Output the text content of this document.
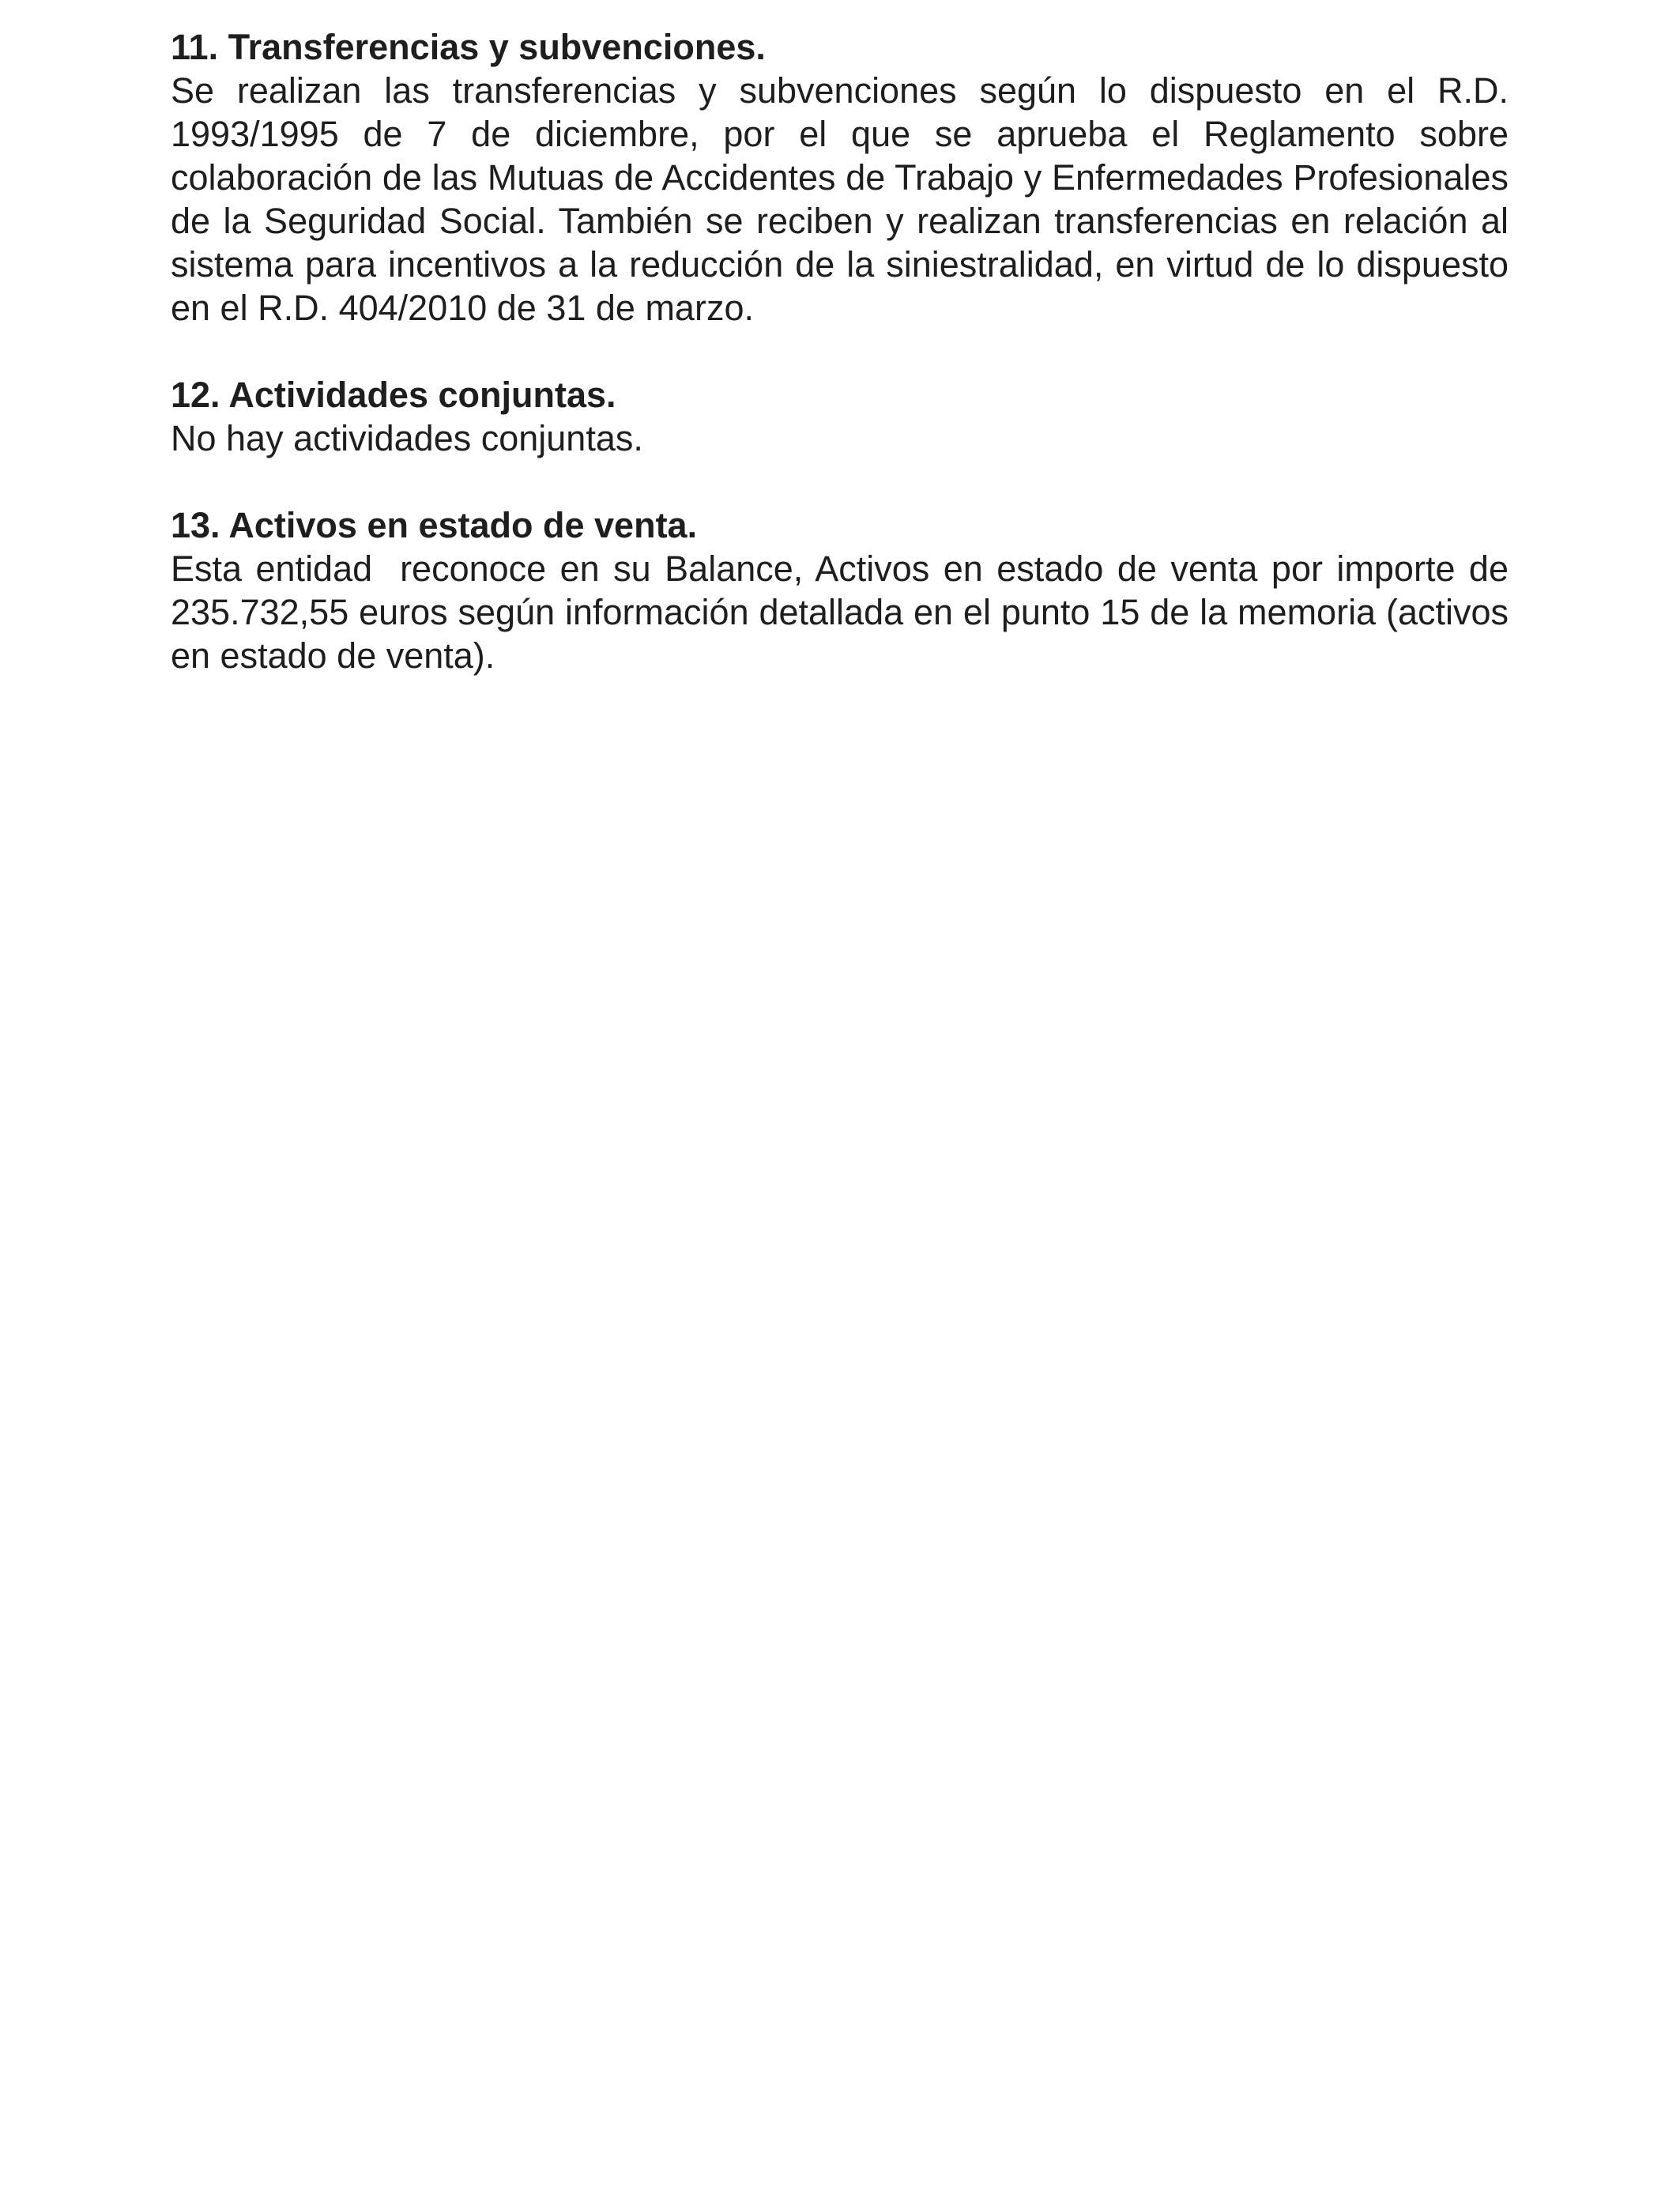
11. Transferencias y subvenciones.

Se realizan las transferencias y subvenciones según lo dispuesto en el R.D. 1993/1995 de 7 de diciembre, por el que se aprueba el Reglamento sobre colaboración de las Mutuas de Accidentes de Trabajo y Enfermedades Profesionales de la Seguridad Social. También se reciben y realizan transferencias en relación al sistema para incentivos a la reducción de la siniestralidad, en virtud de lo dispuesto en el R.D. 404/2010 de 31 de marzo.

12. Actividades conjuntas.

No hay actividades conjuntas.

13. Activos en estado de venta.

Esta entidad  reconoce en su Balance, Activos en estado de venta por importe de 235.732,55 euros según información detallada en el punto 15 de la memoria (activos en estado de venta).
